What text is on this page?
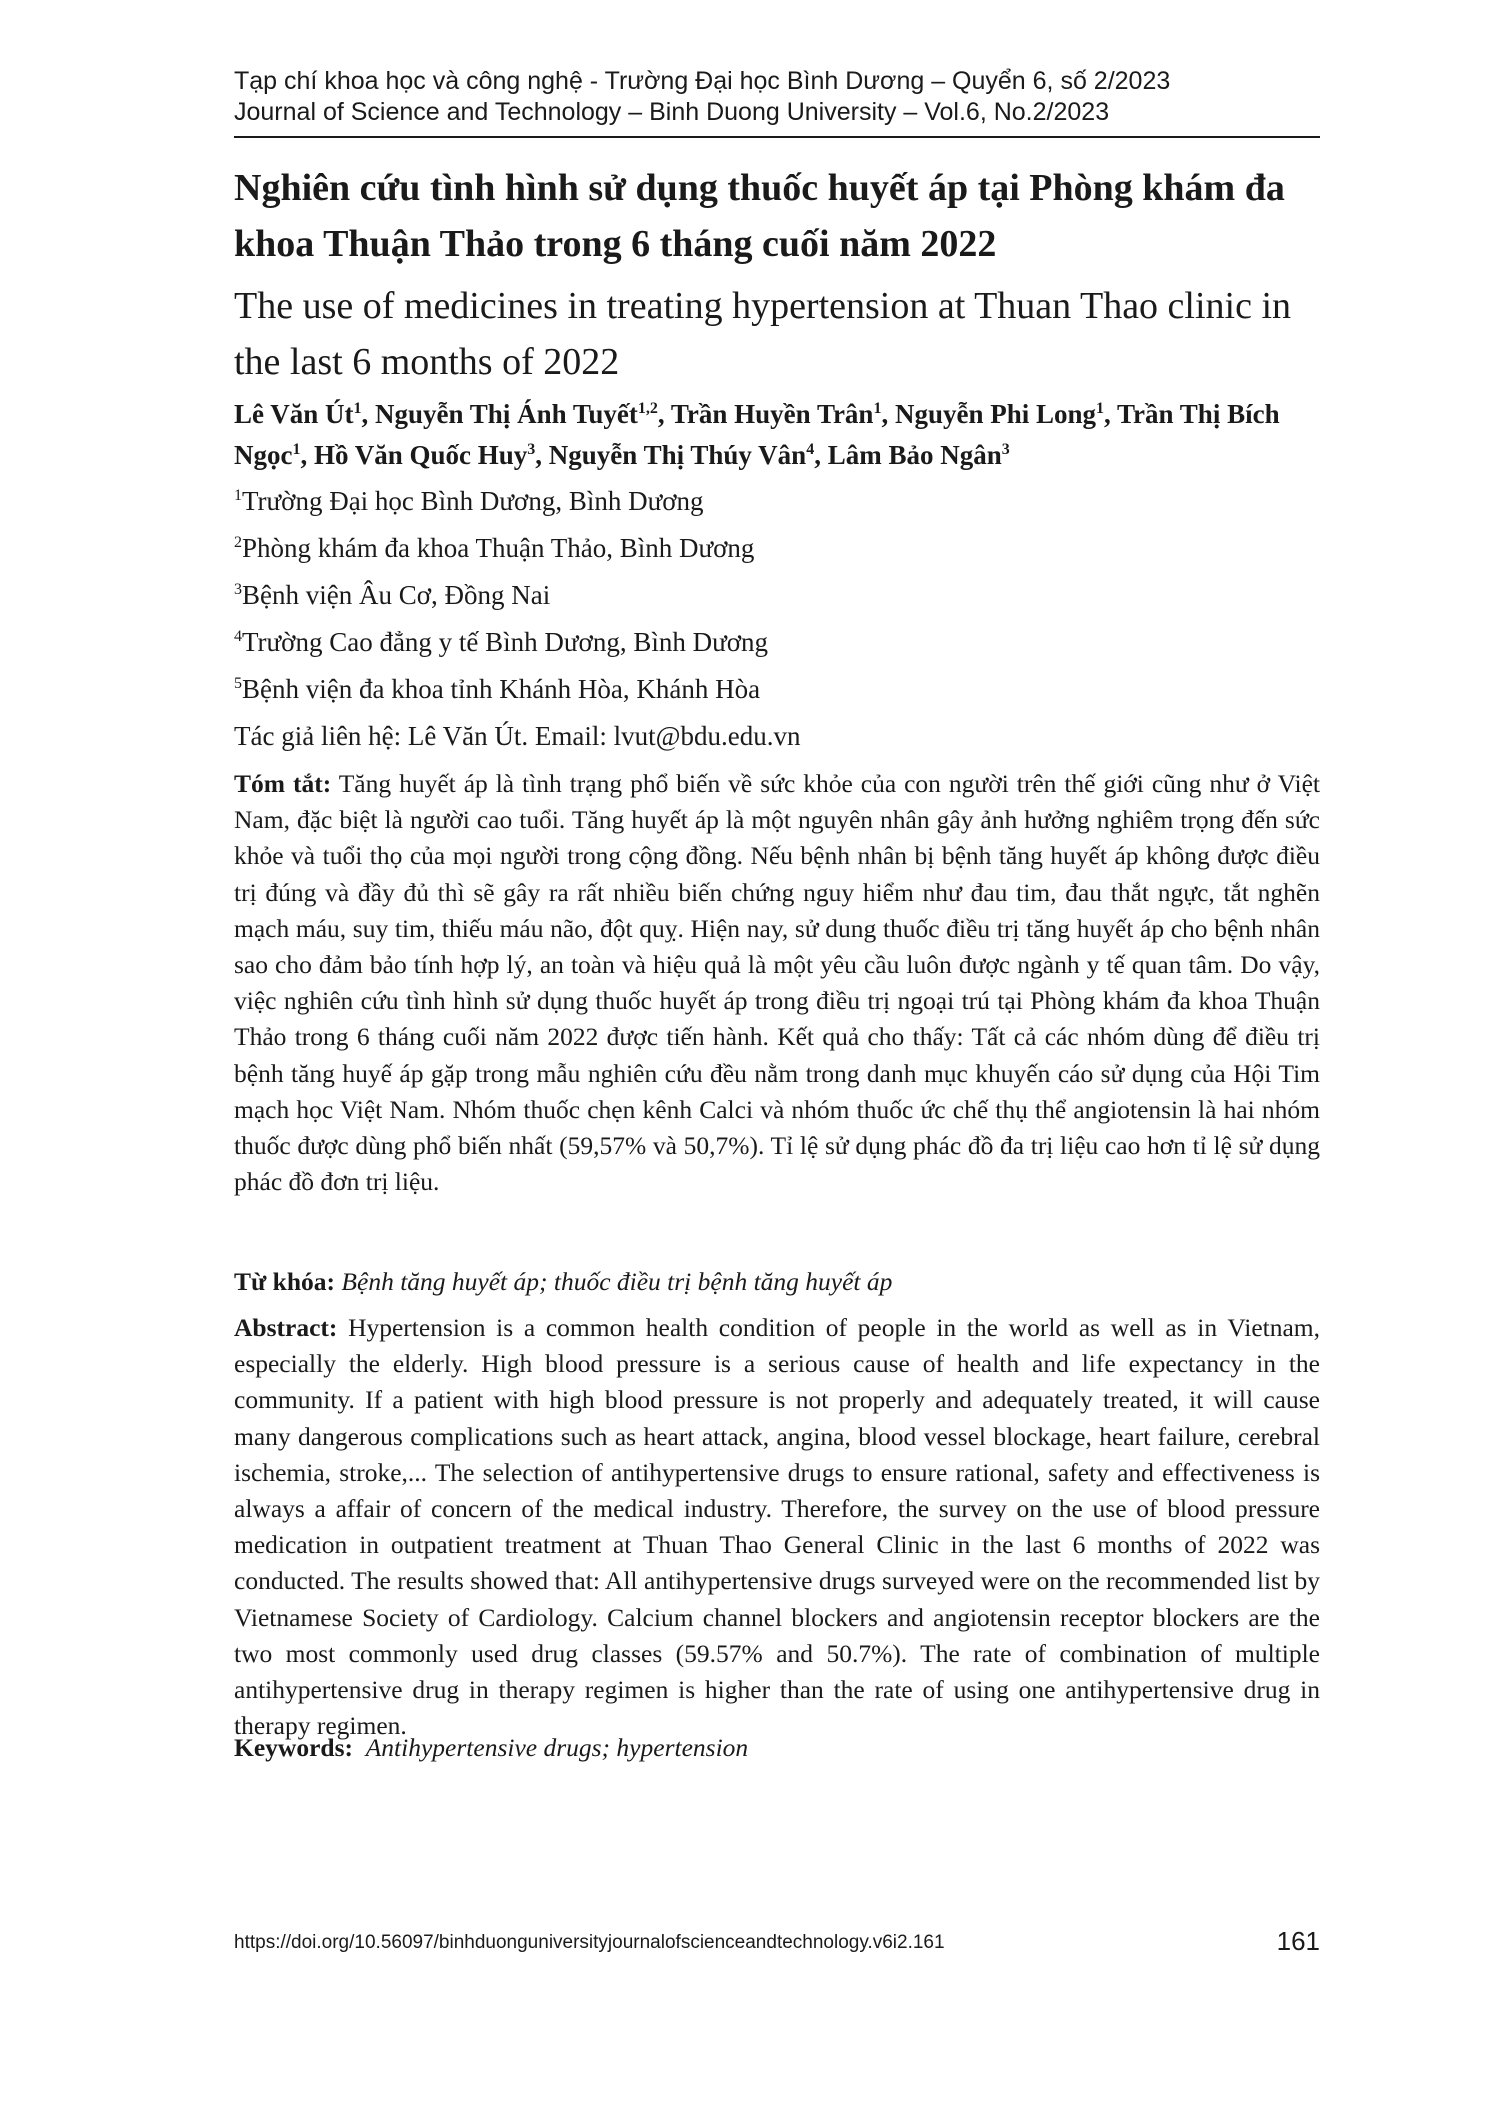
Tạp chí khoa học và công nghệ - Trường Đại học Bình Dương – Quyển 6, số 2/2023
Journal of Science and Technology – Binh Duong University – Vol.6, No.2/2023
Nghiên cứu tình hình sử dụng thuốc huyết áp tại Phòng khám đa khoa Thuận Thảo trong 6 tháng cuối năm 2022
The use of medicines in treating hypertension at Thuan Thao clinic in the last 6 months of 2022
Lê Văn $Út^1$, Nguyễn Thị Ánh Tuyết$^{1,2}$, Trần Huyền Trân$^1$, Nguyễn Phi Long$^1$, Trần Thị Bích Ngọc$^1$, Hồ Văn Quốc Huy$^3$, Nguyễn Thị Thúy Vân$^4$, Lâm Bảo Ngân$^3$
$^1$Trường Đại học Bình Dương, Bình Dương
$^2$Phòng khám đa khoa Thuận Thảo, Bình Dương
$^3$Bệnh viện Âu Cơ, Đồng Nai
$^4$Trường Cao đẳng y tế Bình Dương, Bình Dương
$^5$Bệnh viện đa khoa tỉnh Khánh Hòa, Khánh Hòa
Tác giả liên hệ: Lê Văn Út. Email: lvut@bdu.edu.vn
Tóm tắt: Tăng huyết áp là tình trạng phổ biến về sức khỏe của con người trên thế giới cũng như ở Việt Nam, đặc biệt là người cao tuổi. Tăng huyết áp là một nguyên nhân gây ảnh hưởng nghiêm trọng đến sức khỏe và tuổi thọ của mọi người trong cộng đồng. Nếu bệnh nhân bị bệnh tăng huyết áp không được điều trị đúng và đầy đủ thì sẽ gây ra rất nhiều biến chứng nguy hiểm như đau tim, đau thắt ngực, tắt nghẽn mạch máu, suy tim, thiếu máu não, đột quỵ. Hiện nay, sử dung thuốc điều trị tăng huyết áp cho bệnh nhân sao cho đảm bảo tính hợp lý, an toàn và hiệu quả là một yêu cầu luôn được ngành y tế quan tâm. Do vậy, việc nghiên cứu tình hình sử dụng thuốc huyết áp trong điều trị ngoại trú tại Phòng khám đa khoa Thuận Thảo trong 6 tháng cuối năm 2022 được tiến hành. Kết quả cho thấy: Tất cả các nhóm dùng để điều trị bệnh tăng huyế áp gặp trong mẫu nghiên cứu đều nằm trong danh mục khuyến cáo sử dụng của Hội Tim mạch học Việt Nam. Nhóm thuốc chẹn kênh Calci và nhóm thuốc ức chế thụ thể angiotensin là hai nhóm thuốc được dùng phổ biến nhất (59,57% và 50,7%). Tỉ lệ sử dụng phác đồ đa trị liệu cao hơn tỉ lệ sử dụng phác đồ đơn trị liệu.
Từ khóa: Bệnh tăng huyết áp; thuốc điều trị bệnh tăng huyết áp
Abstract: Hypertension is a common health condition of people in the world as well as in Vietnam, especially the elderly. High blood pressure is a serious cause of health and life expectancy in the community. If a patient with high blood pressure is not properly and adequately treated, it will cause many dangerous complications such as heart attack, angina, blood vessel blockage, heart failure, cerebral ischemia, stroke,... The selection of antihypertensive drugs to ensure rational, safety and effectiveness is always a affair of concern of the medical industry. Therefore, the survey on the use of blood pressure medication in outpatient treatment at Thuan Thao General Clinic in the last 6 months of 2022 was conducted. The results showed that: All antihypertensive drugs surveyed were on the recommended list by Vietnamese Society of Cardiology. Calcium channel blockers and angiotensin receptor blockers are the two most commonly used drug classes (59.57% and 50.7%). The rate of combination of multiple antihypertensive drug in therapy regimen is higher than the rate of using one antihypertensive drug in therapy regimen.
Keywords: Antihypertensive drugs; hypertension
https://doi.org/10.56097/binhduonguniversityjournalofscienceandtechnology.v6i2.161	161
